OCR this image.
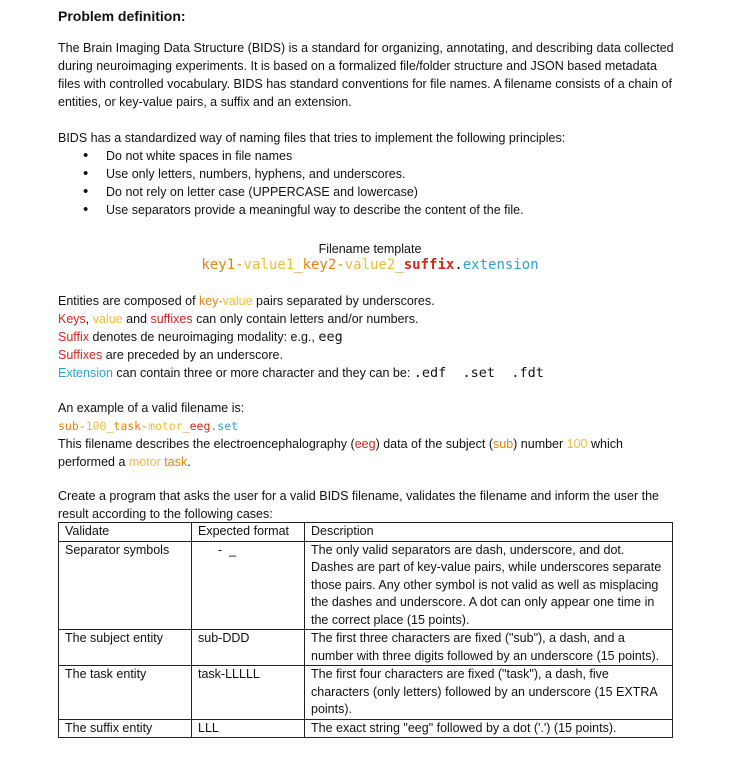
Problem definition:
The Brain Imaging Data Structure (BIDS) is a standard for organizing, annotating, and describing data collected during neuroimaging experiments. It is based on a formalized file/folder structure and JSON based metadata files with controlled vocabulary. BIDS has standard conventions for file names. A filename consists of a chain of entities, or key-value pairs, a suffix and an extension.
BIDS has a standardized way of naming files that tries to implement the following principles:
• Do not white spaces in file names
• Use only letters, numbers, hyphens, and underscores.
• Do not rely on letter case (UPPERCASE and lowercase)
• Use separators provide a meaningful way to describe the content of the file.
Filename template
key1-value1_key2-value2_suffix.extension
Entities are composed of key-value pairs separated by underscores.
Keys, value and suffixes can only contain letters and/or numbers.
Suffix denotes de neuroimaging modality: e.g., eeg
Suffixes are preceded by an underscore.
Extension can contain three or more character and they can be: .edf  .set  .fdt
An example of a valid filename is:
sub-100_task-motor_eeg.set
This filename describes the electroencephalography (eeg) data of the subject (sub) number 100 which
performed a motor task.
Create a program that asks the user for a valid BIDS filename, validates the filename and inform the user the result according to the following cases:
Validate	Expected format	Description
Separator symbols	-  _	The only valid separators are dash, underscore, and dot. Dashes are part of key-value pairs, while underscores separate those pairs. Any other symbol is not valid as well as misplacing the dashes and underscore. A dot can only appear one time in the correct place (15 points).
The subject entity	sub-DDD	The first three characters are fixed ("sub"), a dash, and a number with three digits followed by an underscore (15 points).
The task entity	task-LLLLL	The first four characters are fixed ("task"), a dash, five characters (only letters) followed by an underscore (15 EXTRA points).
The suffix entity	LLL	The exact string "eeg" followed by a dot ('.') (15 points).
